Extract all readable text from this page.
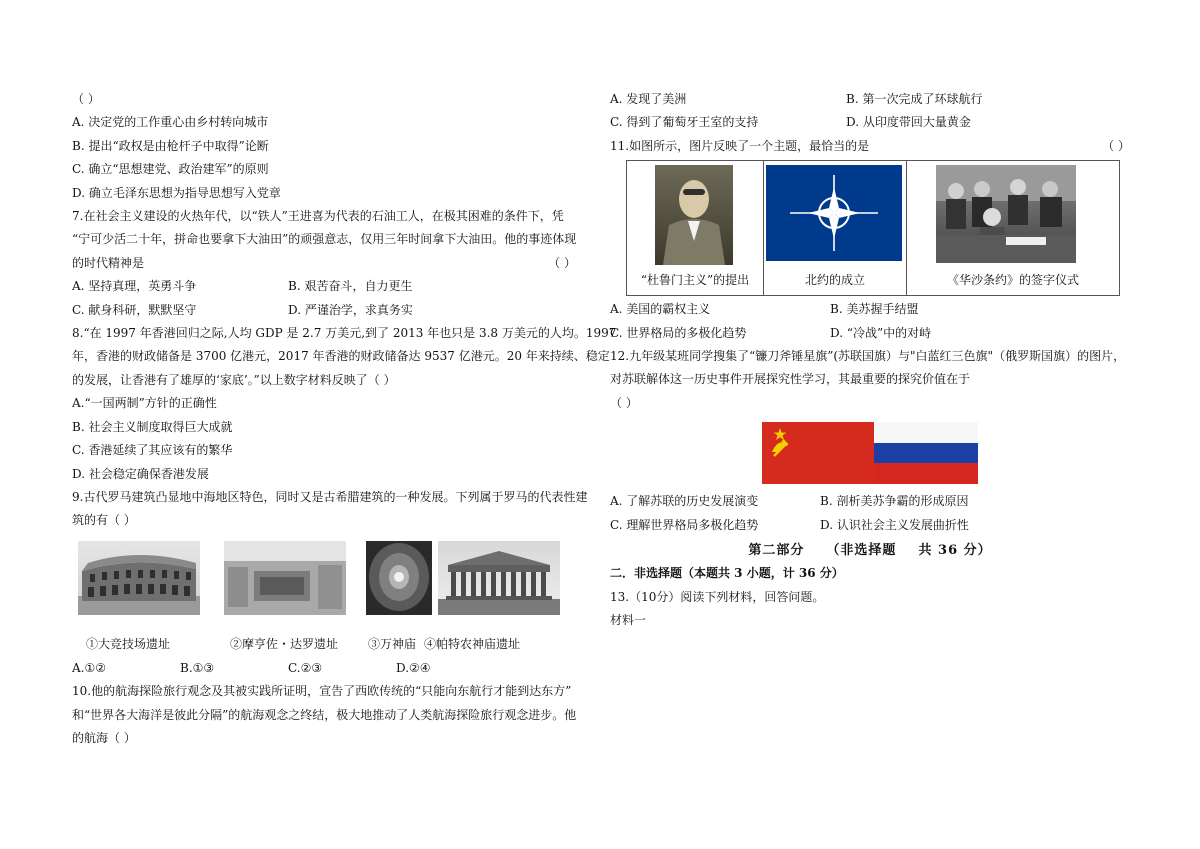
（ ）
A. 决定党的工作重心由乡村转向城市
B. 提出“政权是由枪杆子中取得”论断
C. 确立“思想建党、政治建军”的原则
D. 确立毛泽东思想为指导思想写入党章
7.在社会主义建设的火热年代，以“铁人”王进喜为代表的石油工人，在极其困难的条件下，凭
“宁可少活二十年，拼命也要拿下大油田”的顽强意志，仅用三年时间拿下大油田。他的事迹体现
的时代精神是	（ ）
A. 坚持真理，英勇斗争	B. 艰苦奋斗，自力更生
C. 献身科研，默默坚守	D. 严谨治学，求真务实
8.“在 1997 年香港回归之际,人均 GDP 是 2.7 万美元,到了 2013 年也只是 3.8 万美元的人均。1997
年，香港的财政储备是 3700 亿港元，2017 年香港的财政储备达 9537 亿港元。20 年来持续、稳定
的发展，让香港有了雄厚的‘家底’。”以上数字材料反映了（ ）
A.“一国两制”方针的正确性
B. 社会主义制度取得巨大成就
C. 香港延续了其应该有的繁华
D. 社会稳定确保香港发展
9.古代罗马建筑凸显地中海地区特色，同时又是古希腊建筑的一种发展。下列属于罗马的代表性建
筑的有（ ）
①大竞技场遗址	②摩亨佐・达罗遗址 ③万神庙 ④帕特农神庙遗址
A.①②	B.①③	C.②③	D.②④
10.他的航海探险旅行观念及其被实践所证明，宣告了西欧传统的“只能向东航行才能到达东方”
和“世界各大海洋是彼此分隔”的航海观念之终结，极大地推动了人类航海探险旅行观念进步。他
的航海（ ）
A. 发现了美洲	B. 第一次完成了环球航行
C. 得到了葡萄牙王室的支持	D. 从印度带回大量黄金
11.如图所示，图片反映了一个主题，最恰当的是	（ ）
“杜鲁门主义”的提出	北约的成立	《华沙条约》的签字仪式
A. 美国的霸权主义	B. 美苏握手结盟
C. 世界格局的多极化趋势	D. “冷战”中的对峙
12.九年级某班同学搜集了“镰刀斧锤星旗”(苏联国旗）与"白蓝红三色旗"（俄罗斯国旗）的图片，
对苏联解体这一历史事件开展探究性学习，其最重要的探究价值在于
（ ）
A. 了解苏联的历史发展演变	B. 剖析美苏争霸的形成原因
C. 理解世界格局多极化趋势	D. 认识社会主义发展曲折性
第二部分    （非选择题    共 36 分）
二．非选择题（本题共 3 小题，计 36 分）
13.（10分）阅读下列材料，回答问题。
材料一
